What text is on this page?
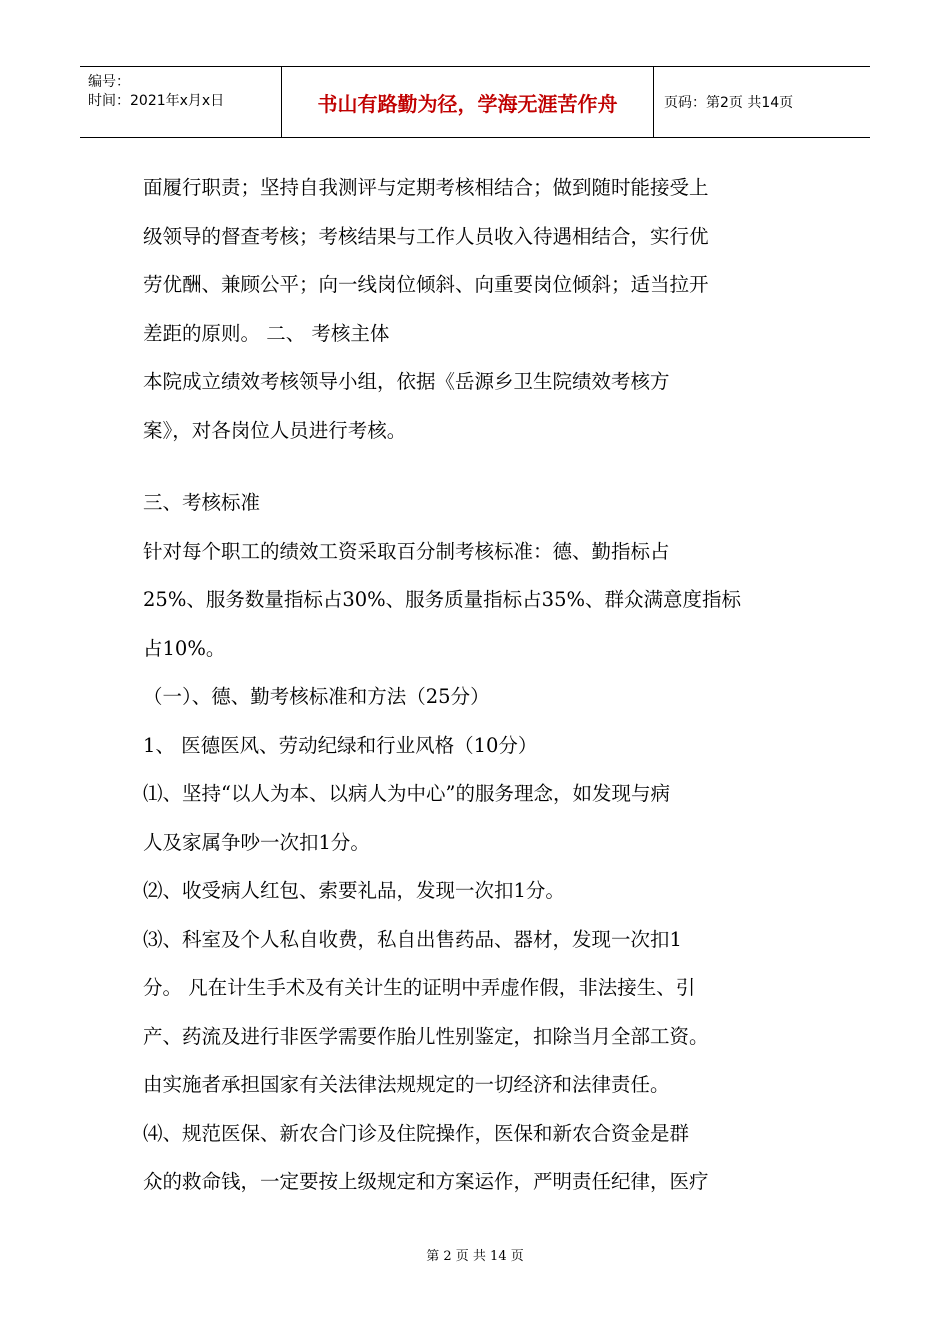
编号：
时间：2021年x月x日	书山有路勤为径，学海无涯苦作舟	页码：第2页 共14页

面履行职责；坚持自我测评与定期考核相结合；做到随时能接受上

级领导的督查考核；考核结果与工作人员收入待遇相结合，实行优

劳优酬、兼顾公平；向一线岗位倾斜、向重要岗位倾斜；适当拉开

差距的原则。 二、 考核主体

本院成立绩效考核领导小组，依据《岳源乡卫生院绩效考核方

案》，对各岗位人员进行考核。

三、考核标准

针对每个职工的绩效工资采取百分制考核标准：德、勤指标占

25%、服务数量指标占30%、服务质量指标占35%、群众满意度指标

占10%。

（一）、德、勤考核标准和方法（25分）

1、 医德医风、劳动纪绿和行业风格（10分）

⑴、坚持“以人为本、以病人为中心”的服务理念，如发现与病

人及家属争吵一次扣1分。

⑵、收受病人红包、索要礼品，发现一次扣1分。

⑶、科室及个人私自收费，私自出售药品、器材，发现一次扣1

分。 凡在计生手术及有关计生的证明中弄虚作假，非法接生、引

产、药流及进行非医学需要作胎儿性别鉴定，扣除当月全部工资。

由实施者承担国家有关法律法规规定的一切经济和法律责任。

⑷、规范医保、新农合门诊及住院操作，医保和新农合资金是群

众的救命钱，一定要按上级规定和方案运作，严明责任纪律，医疗

第 2 页 共 14 页
